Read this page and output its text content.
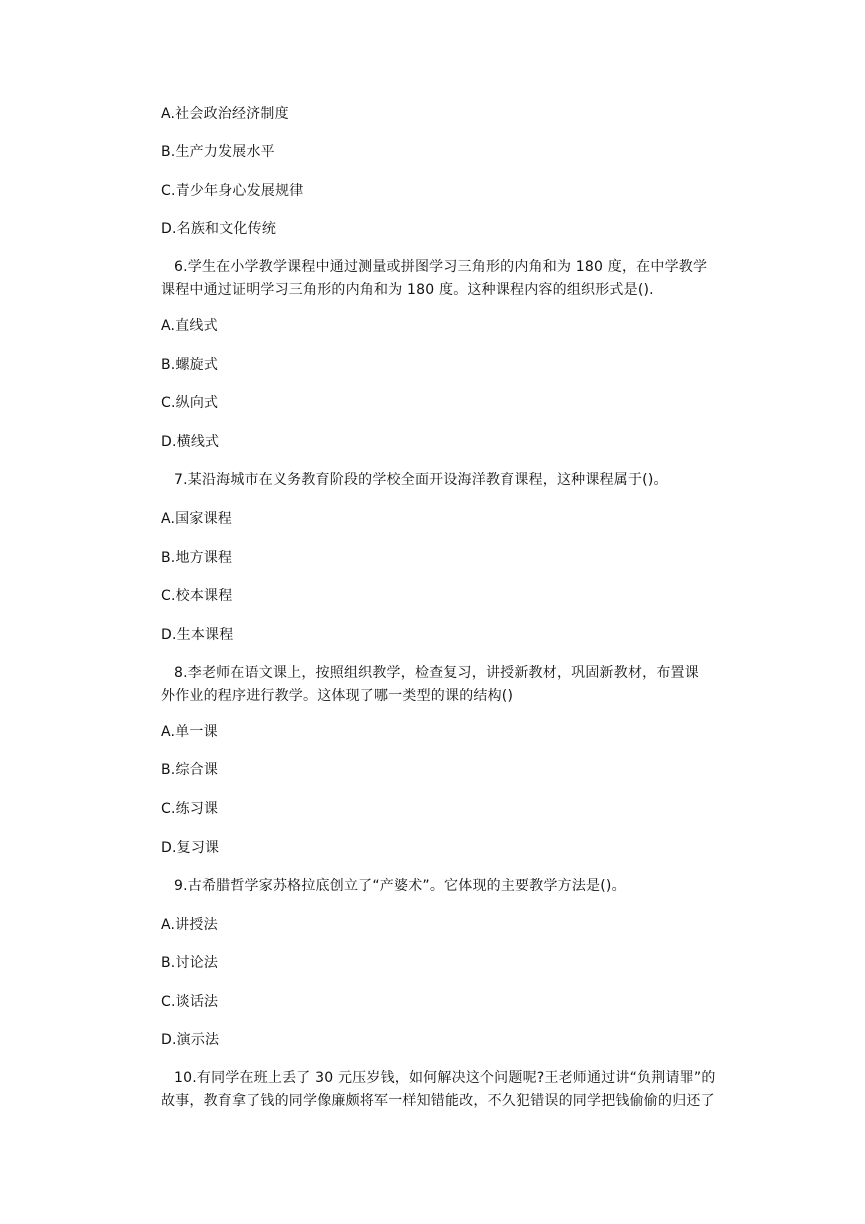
A.社会政治经济制度
B.生产力发展水平
C.青少年身心发展规律
D.名族和文化传统
6.学生在小学教学课程中通过测量或拼图学习三角形的内角和为 180 度，在中学教学
课程中通过证明学习三角形的内角和为 180 度。这种课程内容的组织形式是().
A.直线式
B.螺旋式
C.纵向式
D.横线式
7.某沿海城市在义务教育阶段的学校全面开设海洋教育课程，这种课程属于()。
A.国家课程
B.地方课程
C.校本课程
D.生本课程
8.李老师在语文课上，按照组织教学，检查复习，讲授新教材，巩固新教材，布置课
外作业的程序进行教学。这体现了哪一类型的课的结构()
A.单一课
B.综合课
C.练习课
D.复习课
9.古希腊哲学家苏格拉底创立了“产婆术”。它体现的主要教学方法是()。
A.讲授法
B.讨论法
C.谈话法
D.演示法
10.有同学在班上丢了 30 元压岁钱，如何解决这个问题呢?王老师通过讲“负荆请罪”的
故事，教育拿了钱的同学像廉颇将军一样知错能改，不久犯错误的同学把钱偷偷的归还了
